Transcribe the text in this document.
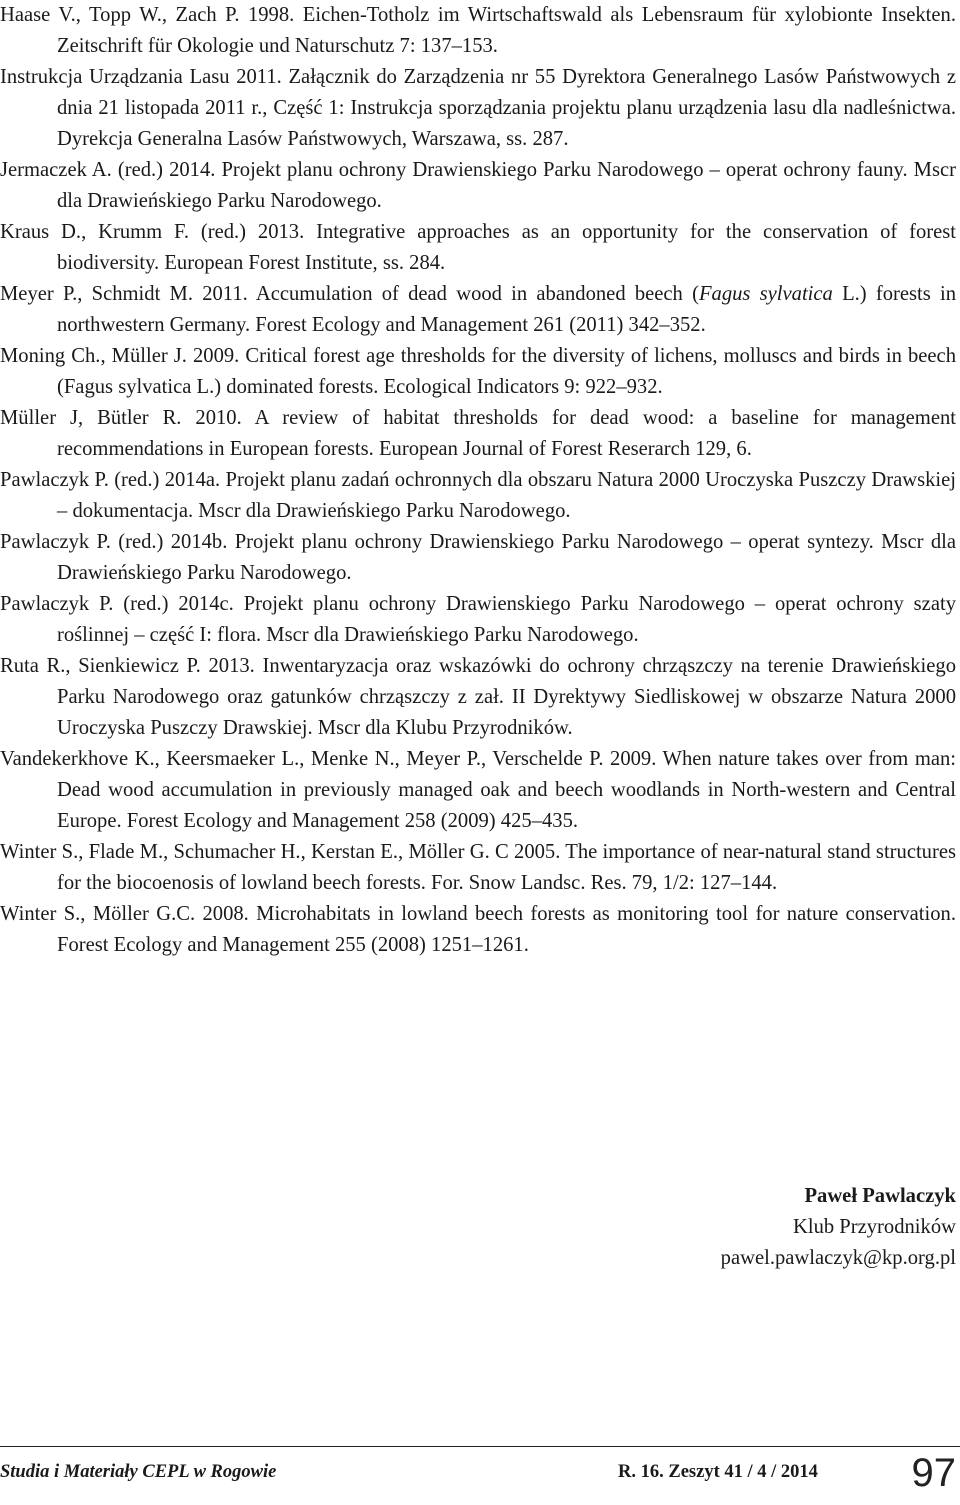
Haase V., Topp W., Zach P. 1998. Eichen-Totholz im Wirtschaftswald als Lebensraum für xylobionte Insekten. Zeitschrift für Okologie und Naturschutz 7: 137–153.
Instrukcja Urządzania Lasu 2011. Załącznik do Zarządzenia nr 55 Dyrektora Generalnego Lasów Państwowych z dnia 21 listopada 2011 r., Część 1: Instrukcja sporządzania projektu planu urządzenia lasu dla nadleśnictwa. Dyrekcja Generalna Lasów Państwowych, Warszawa, ss. 287.
Jermaczek A. (red.) 2014. Projekt planu ochrony Drawienskiego Parku Narodowego – operat ochrony fauny. Mscr dla Drawieńskiego Parku Narodowego.
Kraus D., Krumm F. (red.) 2013. Integrative approaches as an opportunity for the conservation of forest biodiversity. European Forest Institute, ss. 284.
Meyer P., Schmidt M. 2011. Accumulation of dead wood in abandoned beech (Fagus sylvatica L.) forests in northwestern Germany. Forest Ecology and Management 261 (2011) 342–352.
Moning Ch., Müller J. 2009. Critical forest age thresholds for the diversity of lichens, molluscs and birds in beech (Fagus sylvatica L.) dominated forests. Ecological Indicators 9: 922–932.
Müller J, Bütler R. 2010. A review of habitat thresholds for dead wood: a baseline for management recommendations in European forests. European Journal of Forest Reserarch 129, 6.
Pawlaczyk P. (red.) 2014a. Projekt planu zadań ochronnych dla obszaru Natura 2000 Uroczyska Puszczy Drawskiej – dokumentacja. Mscr dla Drawieńskiego Parku Narodowego.
Pawlaczyk P. (red.) 2014b. Projekt planu ochrony Drawienskiego Parku Narodowego – operat syntezy. Mscr dla Drawieńskiego Parku Narodowego.
Pawlaczyk P. (red.) 2014c. Projekt planu ochrony Drawienskiego Parku Narodowego – operat ochrony szaty roślinnej – część I: flora. Mscr dla Drawieńskiego Parku Narodowego.
Ruta R., Sienkiewicz P. 2013. Inwentaryzacja oraz wskazówki do ochrony chrząszczy na terenie Drawieńskiego Parku Narodowego oraz gatunków chrząszczy z zał. II Dyrektywy Siedliskowej w obszarze Natura 2000 Uroczyska Puszczy Drawskiej. Mscr dla Klubu Przyrodników.
Vandekerkhove K., Keersmaeker L., Menke N., Meyer P., Verschelde P. 2009. When nature takes over from man: Dead wood accumulation in previously managed oak and beech woodlands in North-western and Central Europe. Forest Ecology and Management 258 (2009) 425–435.
Winter S., Flade M., Schumacher H., Kerstan E., Möller G. C 2005. The importance of near-natural stand structures for the biocoenosis of lowland beech forests. For. Snow Landsc. Res. 79, 1/2: 127–144.
Winter S., Möller G.C. 2008. Microhabitats in lowland beech forests as monitoring tool for nature conservation. Forest Ecology and Management 255 (2008) 1251–1261.
Paweł Pawlaczyk
Klub Przyrodników
pawel.pawlaczyk@kp.org.pl
Studia i Materiały CEPL w Rogowie	R. 16. Zeszyt 41 / 4 / 2014 97
